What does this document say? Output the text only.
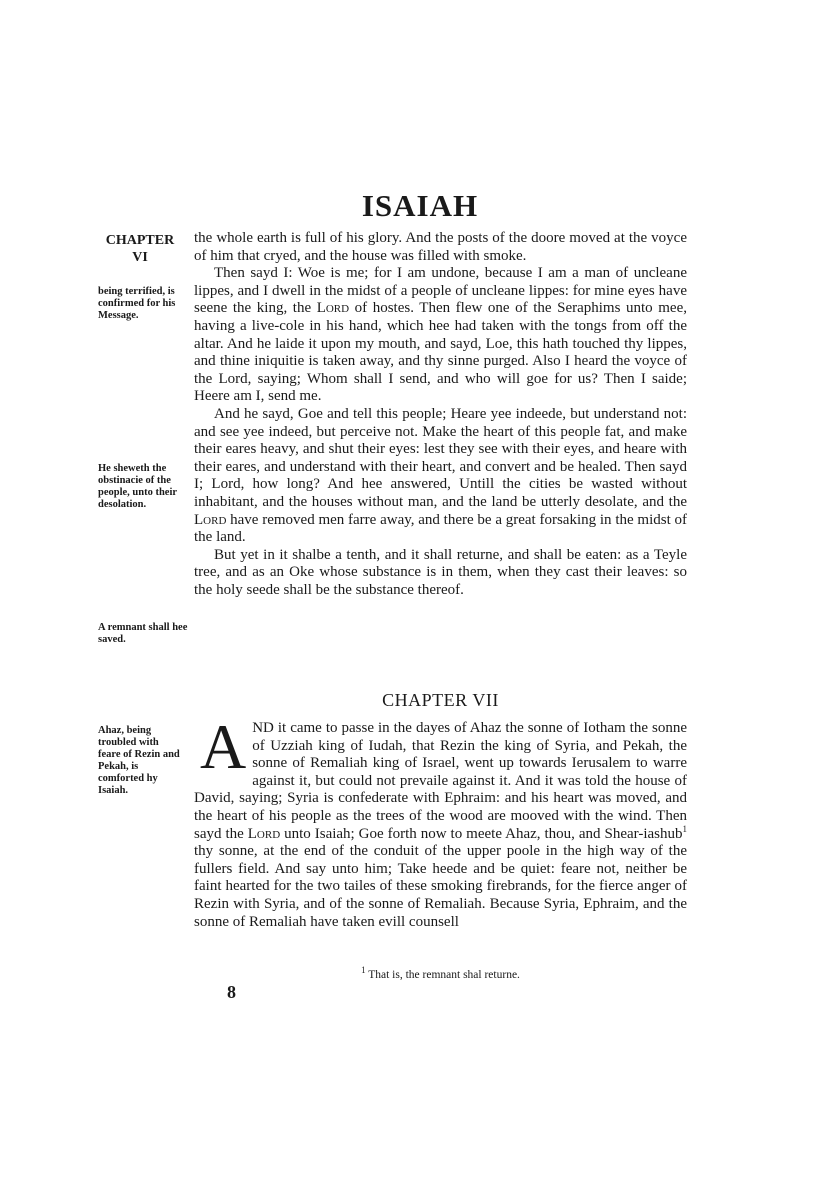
ISAIAH
CHAPTER
VI
being terrified, is confirmed for his Message.
He sheweth the obstinacie of the people, unto their desolation.
A remnant shall hee saved.
Ahaz, being troubled with feare of Rezin and Pekah, is comforted hy Isaiah.

the whole earth is full of his glory. And the posts of the doore moved at the voyce of him that cryed, and the house was filled with smoke.

Then sayd I: Woe is me; for I am undone, because I am a man of uncleane lippes, and I dwell in the midst of a people of uncleane lippes: for mine eyes have seene the king, the Lord of hostes. Then flew one of the Seraphims unto mee, having a live-cole in his hand, which hee had taken with the tongs from off the altar. And he laide it upon my mouth, and sayd, Loe, this hath touched thy lippes, and thine iniquitie is taken away, and thy sinne purged. Also I heard the voyce of the Lord, saying; Whom shall I send, and who will goe for us? Then I saide; Heere am I, send me.

And he sayd, Goe and tell this people; Heare yee indeede, but understand not: and see yee indeed, but perceive not. Make the heart of this people fat, and make their eares heavy, and shut their eyes: lest they see with their eyes, and heare with their eares, and understand with their heart, and convert and be healed. Then sayd I; Lord, how long? And hee answered, Untill the cities be wasted without inhabitant, and the houses without man, and the land be utterly desolate, and the Lord have removed men farre away, and there be a great forsaking in the midst of the land.

But yet in it shalbe a tenth, and it shall returne, and shall be eaten: as a Teyle tree, and as an Oke whose substance is in them, when they cast their leaves: so the holy seede shall be the substance thereof.

CHAPTER VII

AND it came to passe in the dayes of Ahaz the sonne of Iotham the sonne of Uzziah king of Iudah, that Rezin the king of Syria, and Pekah, the sonne of Remaliah king of Israel, went up towards Ierusalem to warre against it, but could not prevaile against it. And it was told the house of David, saying; Syria is confederate with Ephraim: and his heart was moved, and the heart of his people as the trees of the wood are mooved with the wind. Then sayd the Lord unto Isaiah; Goe forth now to meete Ahaz, thou, and Shear-iashub$^1$ thy sonne, at the end of the conduit of the upper poole in the high way of the fullers field. And say unto him; Take heede and be quiet: feare not, neither be faint hearted for the two tailes of these smoking firebrands, for the fierce anger of Rezin with Syria, and of the sonne of Remaliah. Because Syria, Ephraim, and the sonne of Remaliah have taken evill counsell

$^1$ That is, the remnant shal returne.
8
